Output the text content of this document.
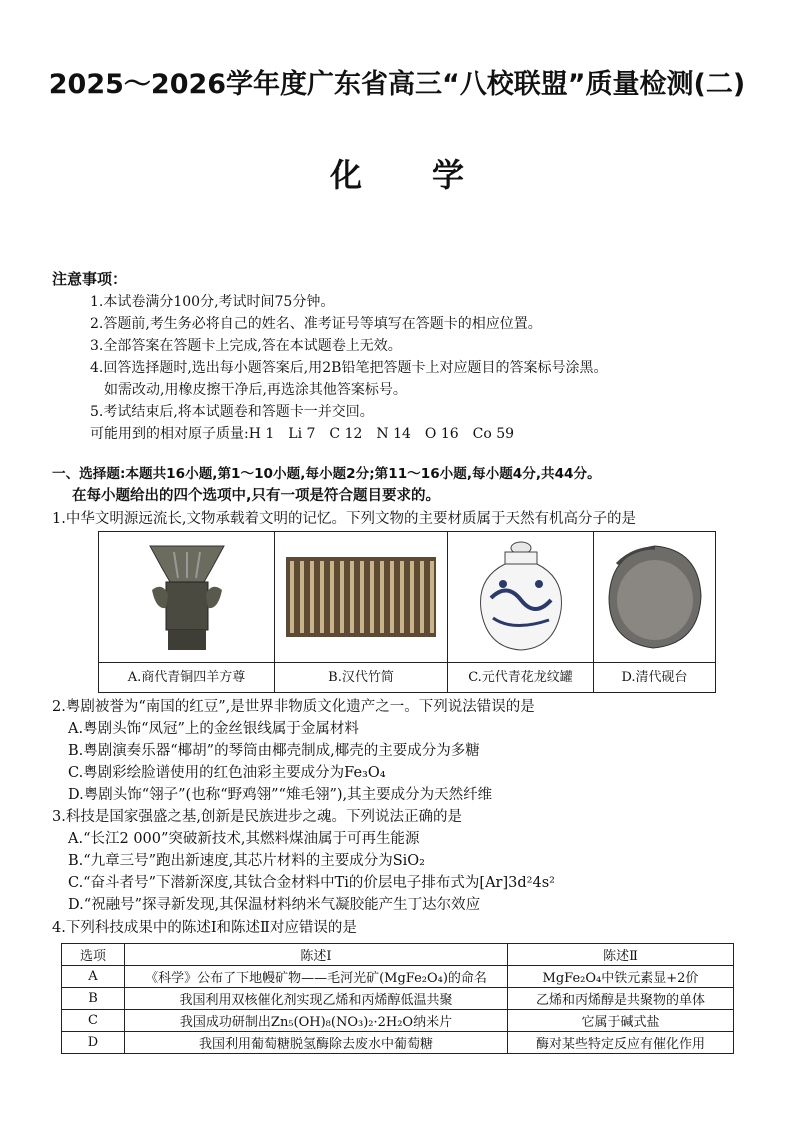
2025～2026学年度广东省高三“八校联盟”质量检测(二)
化学
注意事项：
1.本试卷满分100分,考试时间75分钟。
2.答题前,考生务必将自己的姓名、准考证号等填写在答题卡的相应位置。
3.全部答案在答题卡上完成,答在本试题卷上无效。
4.回答选择题时,选出每小题答案后,用2B铅笔把答题卡上对应题目的答案标号涂黑。
如需改动,用橡皮擦干净后,再选涂其他答案标号。
5.考试结束后,将本试题卷和答题卡一并交回。
可能用到的相对原子质量:H 1　Li 7　C 12　N 14　O 16　Co 59
一、选择题:本题共16小题,第1～10小题,每小题2分;第11～16小题,每小题4分,共44分。
在每小题给出的四个选项中,只有一项是符合题目要求的。
1.中华文明源远流长,文物承载着文明的记忆。下列文物的主要材质属于天然有机高分子的是
A.商代青铜四羊方尊	B.汉代竹简	C.元代青花龙纹罐	D.清代砚台
2.粤剧被誉为“南国的红豆”,是世界非物质文化遗产之一。下列说法错误的是
A.粤剧头饰“凤冠”上的金丝银线属于金属材料
B.粤剧演奏乐器“椰胡”的琴筒由椰壳制成,椰壳的主要成分为多糖
C.粤剧彩绘脸谱使用的红色油彩主要成分为Fe₃O₄
D.粤剧头饰“翎子”(也称“野鸡翎”“雉毛翎”),其主要成分为天然纤维
3.科技是国家强盛之基,创新是民族进步之魂。下列说法正确的是
A.“长江2 000”突破新技术,其燃料煤油属于可再生能源
B.“九章三号”跑出新速度,其芯片材料的主要成分为SiO₂
C.“奋斗者号”下潜新深度,其钛合金材料中Ti的价层电子排布式为[Ar]3d²4s²
D.“祝融号”探寻新发现,其保温材料纳米气凝胶能产生丁达尔效应
4.下列科技成果中的陈述Ⅰ和陈述Ⅱ对应错误的是
选项	陈述Ⅰ	陈述Ⅱ
A	《科学》公布了下地幔矿物——毛河光矿(MgFe₂O₄)的命名	MgFe₂O₄中铁元素显+2价
B	我国利用双核催化剂实现乙烯和丙烯醇低温共聚	乙烯和丙烯醇是共聚物的单体
C	我国成功研制出Zn₅(OH)₈(NO₃)₂·2H₂O纳米片	它属于碱式盐
D	我国利用葡萄糖脱氢酶除去废水中葡萄糖	酶对某些特定反应有催化作用
